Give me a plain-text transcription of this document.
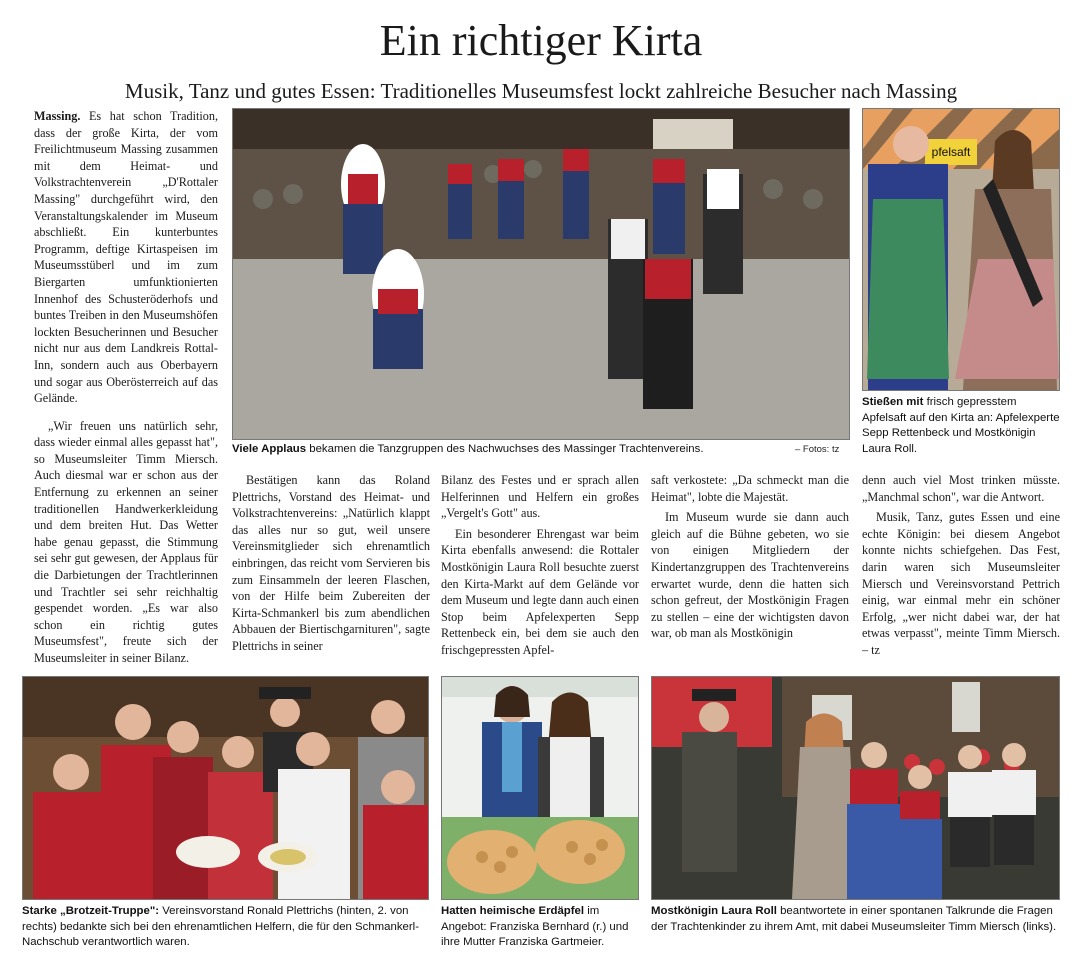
Ein richtiger Kirta
Musik, Tanz und gutes Essen: Traditionelles Museumsfest lockt zahlreiche Besucher nach Massing

Massing. Es hat schon Tradition, dass der große Kirta, der vom Freilichtmuseum Massing zusammen mit dem Heimat- und Volkstrachtenverein „D'Rottaler Massing" durchgeführt wird, den Veranstaltungskalender im Museum abschließt. Ein kunterbuntes Programm, deftige Kirtaspeisen im Museumsstüberl und im zum Biergarten umfunktionierten Innenhof des Schusteröderhofs und buntes Treiben in den Museumshöfen lockten Besucherinnen und Besucher nicht nur aus dem Landkreis Rottal-Inn, sondern auch aus Oberbayern und sogar aus Oberösterreich auf das Gelände.

„Wir freuen uns natürlich sehr, dass wieder einmal alles gepasst hat", so Museumsleiter Timm Miersch. Auch diesmal war er schon aus der Entfernung zu erkennen an seiner traditionellen Handwerkerkleidung und dem breiten Hut. Das Wetter habe genau gepasst, die Stimmung sei sehr gut gewesen, der Applaus für die Darbietungen der Trachtlerinnen und Trachtler sei sehr reichhaltig gespendet worden. „Es war also schon ein richtig gutes Museumsfest", freute sich der Museumsleiter in seiner Bilanz.

Viele Applaus bekamen die Tanzgruppen des Nachwuchses des Massinger Trachtenvereins.	– Fotos: tz
pfelsaft
Stießen mit frisch gepresstem Apfelsaft auf den Kirta an: Apfelexperte Sepp Rettenbeck und Mostkönigin Laura Roll.

Bestätigen kann das Roland Plettrichs, Vorstand des Heimat- und Volkstrachtenvereins: „Natürlich klappt das alles nur so gut, weil unsere Vereinsmitglieder sich ehrenamtlich einbringen, das reicht vom Servieren bis zum Einsammeln der leeren Flaschen, von der Hilfe beim Zubereiten der Kirta-Schmankerl bis zum abendlichen Abbauen der Biertischgarnituren", sagte Plettrichs in seiner

Bilanz des Festes und er sprach allen Helferinnen und Helfern ein großes „Vergelt's Gott" aus.

Ein besonderer Ehrengast war beim Kirta ebenfalls anwesend: die Rottaler Mostkönigin Laura Roll besuchte zuerst den Kirta-Markt auf dem Gelände vor dem Museum und legte dann auch einen Stop beim Apfelexperten Sepp Rettenbeck ein, bei dem sie auch den frischgepressten Apfel-

saft verkostete: „Da schmeckt man die Heimat", lobte die Majestät.

Im Museum wurde sie dann auch gleich auf die Bühne gebeten, wo sie von einigen Mitgliedern der Kindertanzgruppen des Trachtenvereins erwartet wurde, denn die hatten sich schon gefreut, der Mostkönigin Fragen zu stellen – eine der wichtigsten davon war, ob man als Mostkönigin

denn auch viel Most trinken müsste. „Manchmal schon", war die Antwort.

Musik, Tanz, gutes Essen und eine echte Königin: bei diesem Angebot konnte nichts schiefgehen. Das Fest, darin waren sich Museumsleiter Miersch und Vereinsvorstand Pettrich einig, war einmal mehr ein schöner Erfolg, „wer nicht dabei war, der hat etwas verpasst", meinte Timm Miersch. – tz

Starke „Brotzeit-Truppe": Vereinsvorstand Ronald Plettrichs (hinten, 2. von rechts) bedankte sich bei den ehrenamtlichen Helfern, die für den Schmankerl-Nachschub verantwortlich waren.
Hatten heimische Erdäpfel im Angebot: Franziska Bernhard (r.) und ihre Mutter Franziska Gartmeier.
Mostkönigin Laura Roll beantwortete in einer spontanen Talkrunde die Fragen der Trachtenkinder zu ihrem Amt, mit dabei Museumsleiter Timm Miersch (links).
